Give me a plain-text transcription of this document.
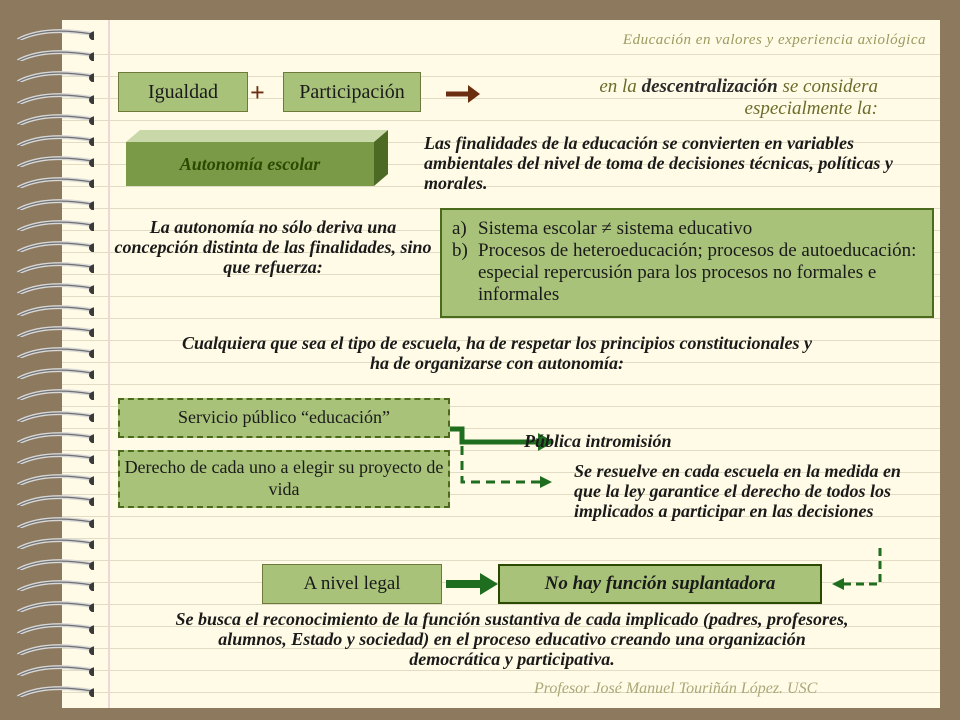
Educación en valores y experiencia axiológica
Igualdad	+	Participación	en la descentralización se considera
especialmente la:
Autonomía escolar
Las finalidades de la educación se convierten en variables ambientales del nivel de toma de decisiones técnicas, políticas y morales.
La autonomía no sólo deriva una concepción distinta de las finalidades, sino que refuerza:
a) Sistema escolar ≠ sistema educativo
b) Procesos de heteroeducación; procesos de autoeducación: especial repercusión para los procesos no formales e informales
Cualquiera que sea el tipo de escuela, ha de respetar los principios constitucionales y ha de organizarse con autonomía:
Servicio público “educación”
Derecho de cada uno a elegir su proyecto de vida
Pública intromisión
Se resuelve en cada escuela en la medida en que la ley garantice el derecho de todos los implicados a participar en las decisiones
A nivel legal	No hay función suplantadora
Se busca el reconocimiento de la función sustantiva de cada implicado (padres, profesores, alumnos, Estado y sociedad) en el proceso educativo creando una organización democrática y participativa.
Profesor José Manuel Touriñán López. USC
